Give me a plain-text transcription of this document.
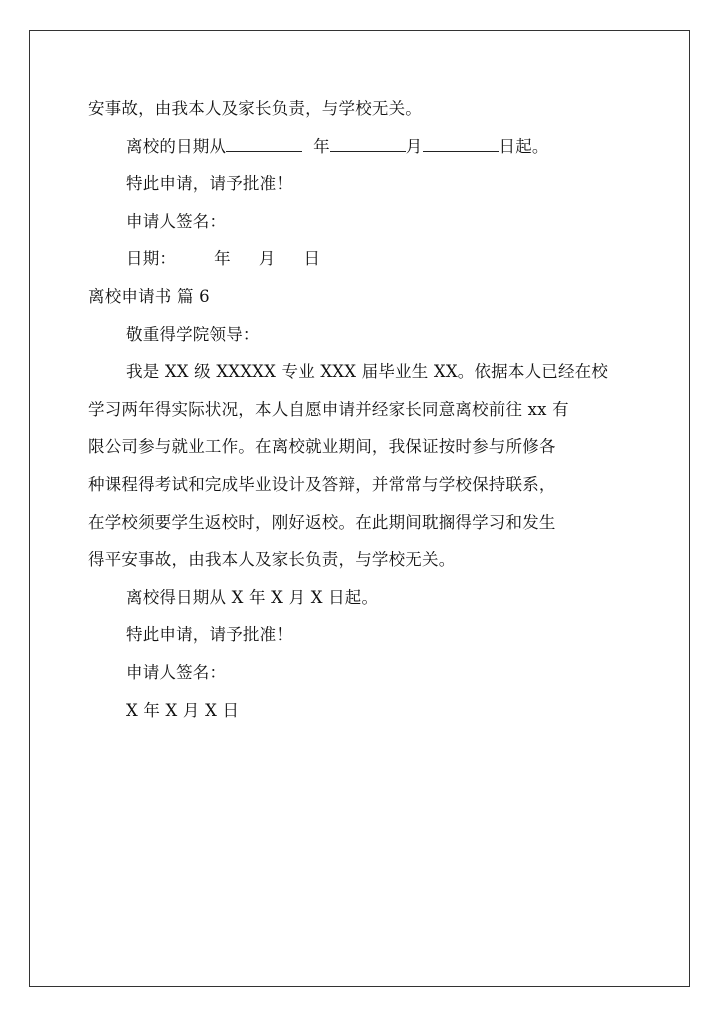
安事故，由我本人及家长负责，与学校无关。
离校的日期从	年	月	日起。
特此申请，请予批准！
申请人签名：
日期： 年 月 日
离校申请书 篇 6
敬重得学院领导：
我是 XX 级 XXXXX 专业 XXX 届毕业生 XX。依据本人已经在校
学习两年得实际状况，本人自愿申请并经家长同意离校前往 xx 有
限公司参与就业工作。在离校就业期间，我保证按时参与所修各
种课程得考试和完成毕业设计及答辩，并常常与学校保持联系，
在学校须要学生返校时，刚好返校。在此期间耽搁得学习和发生
得平安事故，由我本人及家长负责，与学校无关。
离校得日期从 X 年 X 月 X 日起。
特此申请，请予批准！
申请人签名：
X 年 X 月 X 日
